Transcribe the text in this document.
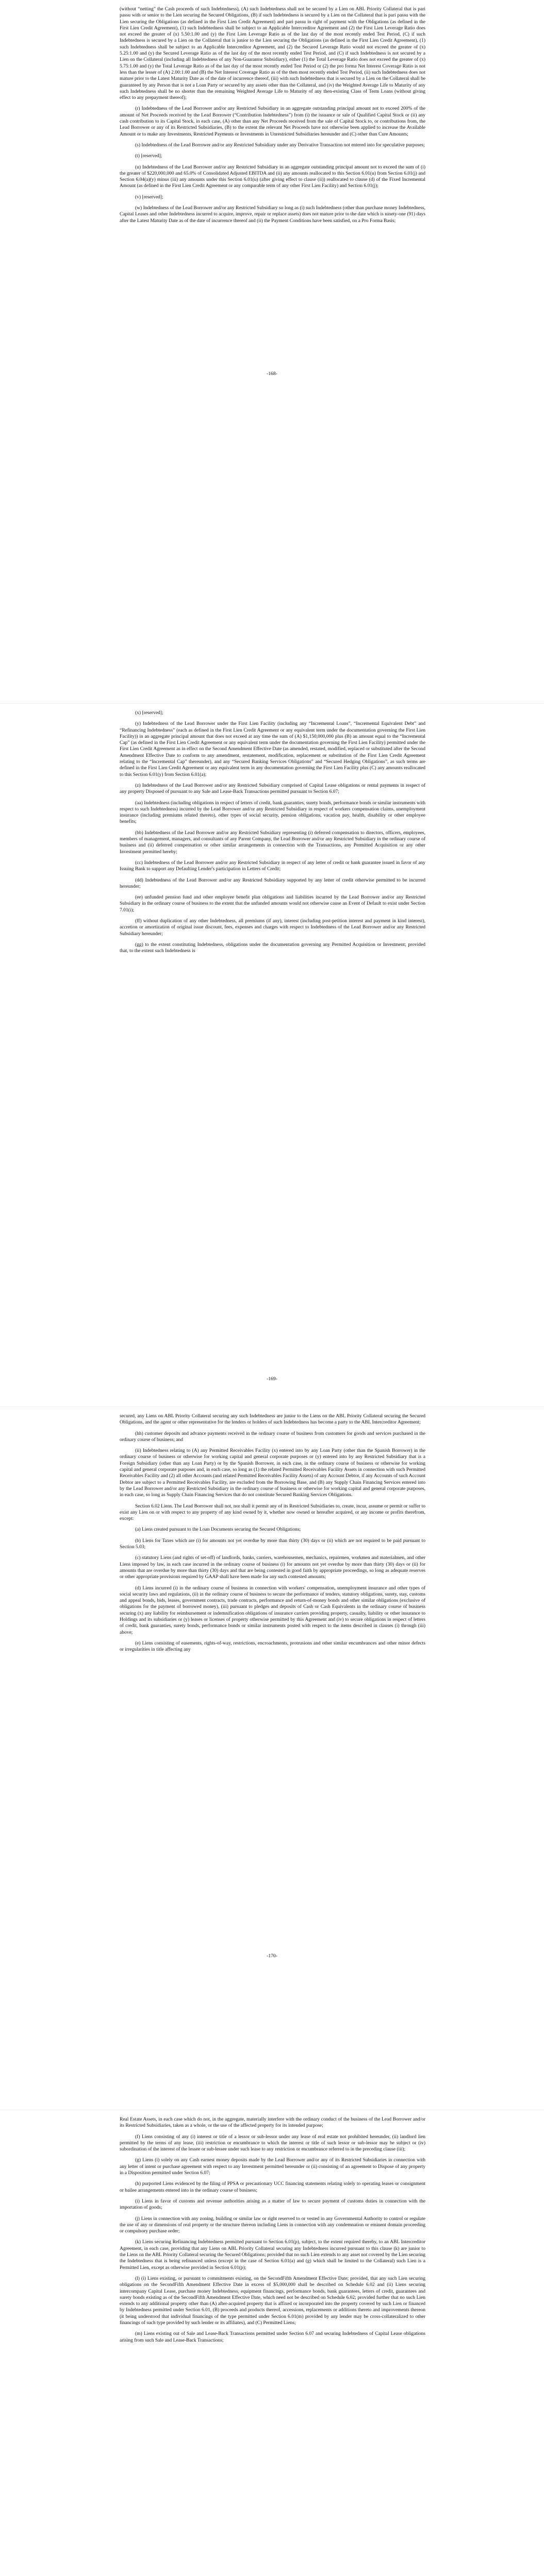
(without “netting” the Cash proceeds of such Indebtedness), (A) such Indebtedness shall not be secured by a Lien on ABL Priority Collateral that is pari passu with or senior to the Lien securing the Secured Obligations, (B) if such Indebtedness is secured by a Lien on the Collateral that is pari passu with the Lien securing the Obligations (as defined in the First Lien Credit Agreement) and pari passu in right of payment with the Obligations (as defined in the First Lien Credit Agreement), (1) such Indebtedness shall be subject to an Applicable Intercreditor Agreement and (2) the First Lien Leverage Ratio does not exceed the greater of (x) 5.50:1.00 and (y) the First Lien Leverage Ratio as of the last day of the most recently ended Test Period, (C) if such Indebtedness is secured by a Lien on the Collateral that is junior to the Lien securing the Obligations (as defined in the First Lien Credit Agreement), (1) such Indebtedness shall be subject to an Applicable Intercreditor Agreement, and (2) the Secured Leverage Ratio would not exceed the greater of (x) 5.25:1.00 and (y) the Secured Leverage Ratio as of the last day of the most recently ended Test Period, and (C) if such Indebtedness is not secured by a Lien on the Collateral (including all Indebtedness of any Non-Guarantor Subsidiary), either (1) the Total Leverage Ratio does not exceed the greater of (x) 5.75:1.00 and (y) the Total Leverage Ratio as of the last day of the most recently ended Test Period or (2) the pro forma Net Interest Coverage Ratio is not less than the lesser of (A) 2.00:1.00 and (B) the Net Interest Coverage Ratio as of the then most recently ended Test Period, (ii) such Indebtedness does not mature prior to the Latest Maturity Date as of the date of incurrence thereof, (iii) with such Indebtedness that is secured by a Lien on the Collateral shall be guaranteed by any Person that is not a Loan Party or secured by any assets other than the Collateral, and (iv) the Weighted Average Life to Maturity of any such Indebtedness shall be no shorter than the remaining Weighted Average Life to Maturity of any then-existing Class of Term Loans (without giving effect to any prepayment thereof);

(r) Indebtedness of the Lead Borrower and/or any Restricted Subsidiary in an aggregate outstanding principal amount not to exceed 200% of the amount of Net Proceeds received by the Lead Borrower (“Contribution Indebtedness”) from (i) the issuance or sale of Qualified Capital Stock or (ii) any cash contribution to its Capital Stock, in each case, (A) other than any Net Proceeds received from the sale of Capital Stock to, or contributions from, the Lead Borrower or any of its Restricted Subsidiaries, (B) to the extent the relevant Net Proceeds have not otherwise been applied to increase the Available Amount or to make any Investments, Restricted Payments or Investments in Unrestricted Subsidiaries hereunder and (C) other than Cure Amounts;

(s) Indebtedness of the Lead Borrower and/or any Restricted Subsidiary under any Derivative Transaction not entered into for speculative purposes;

(t) [reserved];

(u) Indebtedness of the Lead Borrower and/or any Restricted Subsidiary in an aggregate outstanding principal amount not to exceed the sum of (i) the greater of $220,000,000 and 65.0% of Consolidated Adjusted EBITDA and (ii) any amounts reallocated to this Section 6.01(u) from Section 6.01(j) and Section 6.04(a)(y) minus (iii) any amounts under this Section 6.01(u) (after giving effect to clause (ii)) reallocated to clause (d) of the Fixed Incremental Amount (as defined in the First Lien Credit Agreement or any comparable term of any other First Lien Facility) and Section 6.01(j);

(v) [reserved];

(w) Indebtedness of the Lead Borrower and/or any Restricted Subsidiary so long as (i) such Indebtedness (other than purchase money Indebtedness, Capital Leases and other Indebtedness incurred to acquire, improve, repair or replace assets) does not mature prior to the date which is ninety-one (91) days after the Latest Maturity Date as of the date of incurrence thereof and (ii) the Payment Conditions have been satisfied, on a Pro Forma Basis;

-168-

(x) [reserved];

(y) Indebtedness of the Lead Borrower under the First Lien Facility (including any “Incremental Loans”, “Incremental Equivalent Debt” and “Refinancing Indebtedness” (each as defined in the First Lien Credit Agreement or any equivalent term under the documentation governing the First Lien Facility)) in an aggregate principal amount that does not exceed at any time the sum of (A) $1,150,000,000 plus (B) an amount equal to the “Incremental Cap” (as defined in the First Lien Credit Agreement or any equivalent term under the documentation governing the First Lien Facility) permitted under the First Lien Credit Agreement as in effect on the Second Amendment Effective Date (as amended, restated, modified, replaced or substituted after the Second Amendment Effective Date to conform to any amendment, restatement, modification, replacement or substitution of the First Lien Credit Agreement relating to the “Incremental Cap” thereunder), and any “Secured Banking Services Obligations” and “Secured Hedging Obligations”, as such terms are defined in the First Lien Credit Agreement or any equivalent term in any documentation governing the First Lien Facility plus (C) any amounts reallocated to this Section 6.01(y) from Section 6.01(a);

(z) Indebtedness of the Lead Borrower and/or any Restricted Subsidiary comprised of Capital Lease obligations or rental payments in respect of any property Disposed of pursuant to any Sale and Lease-Back Transactions permitted pursuant to Section 6.07;

(aa) Indebtedness (including obligations in respect of letters of credit, bank guaranties, surety bonds, performance bonds or similar instruments with respect to such Indebtedness) incurred by the Lead Borrower and/or any Restricted Subsidiary in respect of workers compensation claims, unemployment insurance (including premiums related thereto), other types of social security, pension obligations, vacation pay, health, disability or other employee benefits;

(bb) Indebtedness of the Lead Borrower and/or any Restricted Subsidiary representing (i) deferred compensation to directors, officers, employees, members of management, managers, and consultants of any Parent Company, the Lead Borrower and/or any Restricted Subsidiary in the ordinary course of business and (ii) deferred compensation or other similar arrangements in connection with the Transactions, any Permitted Acquisition or any other Investment permitted hereby;

(cc) Indebtedness of the Lead Borrower and/or any Restricted Subsidiary in respect of any letter of credit or bank guarantee issued in favor of any Issuing Bank to support any Defaulting Lender's participation in Letters of Credit;

(dd) Indebtedness of the Lead Borrower and/or any Restricted Subsidiary supported by any letter of credit otherwise permitted to be incurred hereunder;

(ee) unfunded pension fund and other employee benefit plan obligations and liabilities incurred by the Lead Borrower and/or any Restricted Subsidiary in the ordinary course of business to the extent that the unfunded amounts would not otherwise cause an Event of Default to exist under Section 7.01(i);

(ff) without duplication of any other Indebtedness, all premiums (if any), interest (including post-petition interest and payment in kind interest), accretion or amortization of original issue discount, fees, expenses and charges with respect to Indebtedness of the Lead Borrower and/or any Restricted Subsidiary hereunder;

(gg) to the extent constituting Indebtedness, obligations under the documentation governing any Permitted Acquisition or Investment; provided that, to the extent such Indebtedness is

-169-

secured, any Liens on ABL Priority Collateral securing any such Indebtedness are junior to the Liens on the ABL Priority Collateral securing the Secured Obligations, and the agent or other representative for the lenders or holders of such Indebtedness has become a party to the ABL Intercreditor Agreement;

(hh) customer deposits and advance payments received in the ordinary course of business from customers for goods and services purchased in the ordinary course of business; and

(ii) Indebtedness relating to (A) any Permitted Receivables Facility (x) entered into by any Loan Party (other than the Spanish Borrower) in the ordinary course of business or otherwise for working capital and general corporate purposes or (y) entered into by any Restricted Subsidiary that is a Foreign Subsidiary (other than any Loan Party) or by the Spanish Borrower, in each case, in the ordinary course of business or otherwise for working capital and general corporate purposes and, in each case, so long as (1) the related Permitted Receivables Facility Assets in connection with such Permitted Receivables Facility and (2) all other Accounts (and related Permitted Receivables Facility Assets) of any Account Debtor, if any Accounts of such Account Debtor are subject to a Permitted Receivables Facility, are excluded from the Borrowing Base, and (B) any Supply Chain Financing Services entered into by the Lead Borrower and/or any Restricted Subsidiary in the ordinary course of business or otherwise for working capital and general corporate purposes, in each case, so long as Supply Chain Financing Services that do not constitute Secured Banking Services Obligations.

Section 6.02 Liens. The Lead Borrower shall not, nor shall it permit any of its Restricted Subsidiaries to, create, incur, assume or permit or suffer to exist any Lien on or with respect to any property of any kind owned by it, whether now owned or hereafter acquired, or any income or profits therefrom, except:

(a) Liens created pursuant to the Loan Documents securing the Secured Obligations;

(b) Liens for Taxes which are (i) for amounts not yet overdue by more than thirty (30) days or (ii) which are not required to be paid pursuant to Section 5.03;

(c) statutory Liens (and rights of set-off) of landlords, banks, carriers, warehousemen, mechanics, repairmen, workmen and materialmen, and other Liens imposed by law, in each case incurred in the ordinary course of business (i) for amounts not yet overdue by more than thirty (30) days or (ii) for amounts that are overdue by more than thirty (30) days and that are being contested in good faith by appropriate proceedings, so long as adequate reserves or other appropriate provisions required by GAAP shall have been made for any such contested amounts;

(d) Liens incurred (i) in the ordinary course of business in connection with workers' compensation, unemployment insurance and other types of social security laws and regulations, (ii) in the ordinary course of business to secure the performance of tenders, statutory obligations, surety, stay, customs and appeal bonds, bids, leases, government contracts, trade contracts, performance and return-of-money bonds and other similar obligations (exclusive of obligations for the payment of borrowed money), (iii) pursuant to pledges and deposits of Cash or Cash Equivalents in the ordinary course of business securing (x) any liability for reimbursement or indemnification obligations of insurance carriers providing property, casualty, liability or other insurance to Holdings and its subsidiaries or (y) leases or licenses of property otherwise permitted by this Agreement and (iv) to secure obligations in respect of letters of credit, bank guaranties, surety bonds, performance bonds or similar instruments posted with respect to the items described in clauses (i) through (iii) above;

(e) Liens consisting of easements, rights-of-way, restrictions, encroachments, protrusions and other similar encumbrances and other minor defects or irregularities in title affecting any

-170-

Real Estate Assets, in each case which do not, in the aggregate, materially interfere with the ordinary conduct of the business of the Lead Borrower and/or its Restricted Subsidiaries, taken as a whole, or the use of the affected property for its intended purpose;

(f) Liens consisting of any (i) interest or title of a lessor or sub-lessor under any lease of real estate not prohibited hereunder, (ii) landlord lien permitted by the terms of any lease, (iii) restriction or encumbrance to which the interest or title of such lessor or sub-lessor may be subject or (iv) subordination of the interest of the lessee or sub-lessee under such lease to any restriction or encumbrance referred to in the preceding clause (iii);

(g) Liens (i) solely on any Cash earnest money deposits made by the Lead Borrower and/or any of its Restricted Subsidiaries in connection with any letter of intent or purchase agreement with respect to any Investment permitted hereunder or (ii) consisting of an agreement to Dispose of any property in a Disposition permitted under Section 6.07;

(h) purported Liens evidenced by the filing of PPSA or precautionary UCC financing statements relating solely to operating leases or consignment or bailee arrangements entered into in the ordinary course of business;

(i) Liens in favor of customs and revenue authorities arising as a matter of law to secure payment of customs duties in connection with the importation of goods;

(j) Liens in connection with any zoning, building or similar law or right reserved to or vested in any Governmental Authority to control or regulate the use of any or dimensions of real property or the structure thereon including Liens in connection with any condemnation or eminent domain proceeding or compulsory purchase order;

(k) Liens securing Refinancing Indebtedness permitted pursuant to Section 6.01(p), subject, to the extent required thereby, to an ABL Intercreditor Agreement, in each case, providing that any Liens on ABL Priority Collateral securing any Indebtedness incurred pursuant to this clause (k) are junior to the Liens on the ABL Priority Collateral securing the Secured Obligations; provided that no such Lien extends to any asset not covered by the Lien securing the Indebtedness that is being refinanced unless (except in the case of Section 6.01(a) and (g) which shall be limited to the Collateral) such Lien is a Permitted Lien, except as otherwise provided in Section 6.01(p);

(l) (i) Liens existing, or pursuant to commitments existing, on the SecondFifth Amendment Effective Date; provided, that any such Lien securing obligations on the SecondFifth Amendment Effective Date in excess of $5,000,000 shall be described on Schedule 6.02 and (ii) Liens securing intercompany Capital Lease, purchase money Indebtedness, equipment financings, performance bonds, bank guarantees, letters of credit, guarantees and surety bonds existing as of the SecondFifth Amendment Effective Date, which need not be described on Schedule 6.02; provided further that no such Lien extends to any additional property other than (A) after-acquired property that is affixed or incorporated into the property covered by such Lien or financed by Indebtedness permitted under Section 6.01, (B) proceeds and products thereof, accessions, replacements or additions thereto and improvements thereon (it being understood that individual financings of the type permitted under Section 6.01(m) provided by any lender may be cross-collateralized to other financings of such type provided by such lender or its affiliates), and (C) Permitted Liens;

(m) Liens existing out of Sale and Lease-Back Transactions permitted under Section 6.07 and securing Indebtedness of Capital Lease obligations arising from such Sale and Lease-Back Transactions;
